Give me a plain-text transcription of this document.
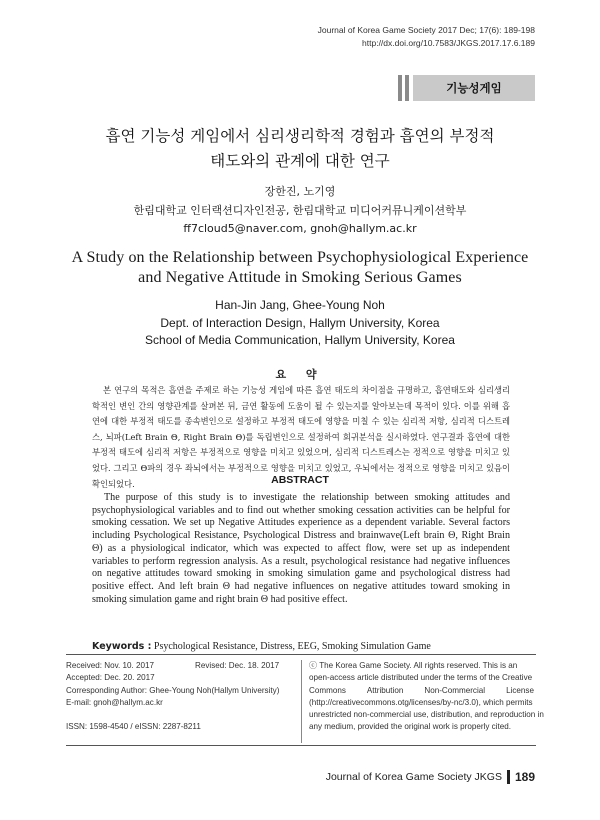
Journal of Korea Game Society 2017 Dec; 17(6): 189-198
http://dx.doi.org/10.7583/JKGS.2017.17.6.189
기능성게임
흡연 기능성 게임에서 심리생리학적 경험과 흡연의 부정적
태도와의 관계에 대한 연구
장한진, 노기영
한림대학교 인터랙션디자인전공, 한림대학교 미디어커뮤니케이션학부
ff7cloud5@naver.com, gnoh@hallym.ac.kr
A Study on the Relationship between Psychophysiological Experience
and Negative Attitude in Smoking Serious Games
Han-Jin Jang, Ghee-Young Noh
Dept. of Interaction Design, Hallym University, Korea
School of Media Communication, Hallym University, Korea
요 약
본 연구의 목적은 흡연을 주제로 하는 기능성 게임에 따른 흡연 태도의 차이점을 규명하고, 흡연태도와 심리생리학적인 변인 간의 영향관계를 살펴본 뒤, 금연 활동에 도움이 될 수 있는지를 알아보는데 목적이 있다. 이를 위해 흡연에 대한 부정적 태도를 종속변인으로 설정하고 부정적 태도에 영향을 미칠 수 있는 심리적 저항, 심리적 디스트레스, 뇌파(Left Brain Θ, Right Brain Θ)를 독립변인으로 설정하여 회귀분석을 실시하였다. 연구결과 흡연에 대한 부정적 태도에 심리적 저항은 부정적으로 영향을 미치고 있었으며, 심리적 디스트레스는 정적으로 영향을 미치고 있었다. 그리고 Θ파의 경우 좌뇌에서는 부정적으로 영향을 미치고 있었고, 우뇌에서는 정적으로 영향을 미치고 있음이 확인되었다.	ABSTRACT
The purpose of this study is to investigate the relationship between smoking attitudes and psychophysiological variables and to find out whether smoking cessation activities can be helpful for smoking cessation. We set up Negative Attitudes experience as a dependent variable. Several factors including Psychological Resistance, Psychological Distress and brainwave(Left brain Θ, Right Brain Θ) as a physiological indicator, which was expected to affect flow, were set up as independent variables to perform regression analysis. As a result, psychological resistance had negative influences on negative attitudes toward smoking in smoking simulation game and psychological distress had positive effect. And left brain Θ had negative influences on negative attitudes toward smoking in smoking simulation game and right brain Θ had positive effect.
Keywords : Psychological Resistance, Distress, EEG, Smoking Simulation Game
Received: Nov. 10. 2017	Revised: Dec. 18. 2017
Accepted: Dec. 20. 2017
Corresponding Author: Ghee-Young Noh(Hallym University)
E-mail: gnoh@hallym.ac.kr
ISSN: 1598-4540 / eISSN: 2287-8211
ⓒ The Korea Game Society. All rights reserved. This is an
open-access article distributed under the terms of the Creative
Commons	Attribution	Non-Commercial	License
(http://creativecommons.otg/licenses/by-nc/3.0), which permits
unrestricted non-commercial use, distribution, and reproduction in
any medium, provided the original work is properly cited.
Journal of Korea Game Society JKGS 189
